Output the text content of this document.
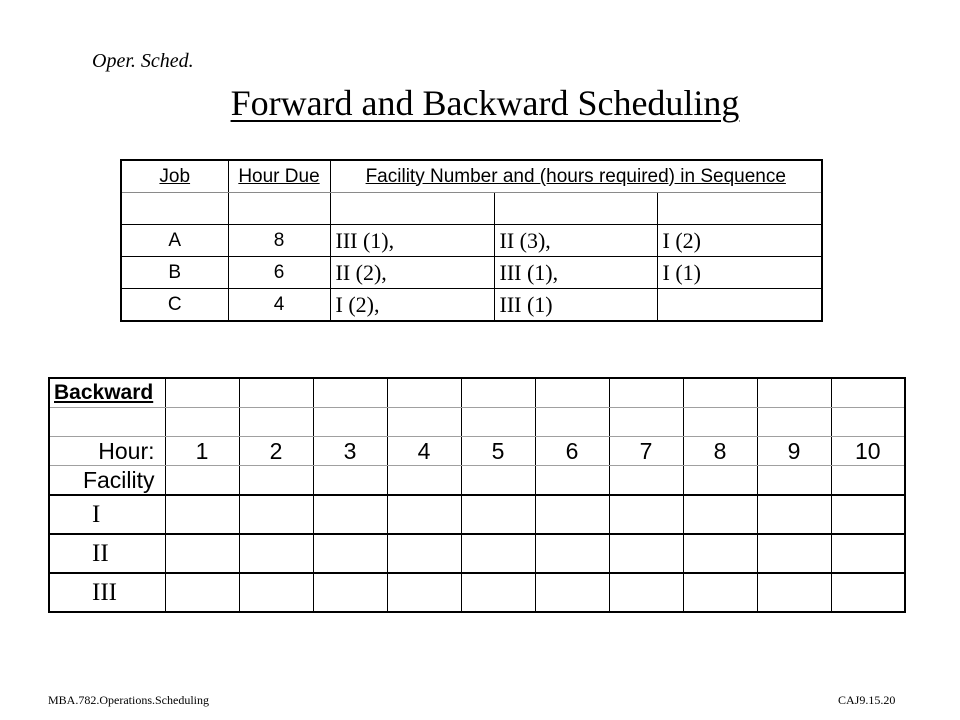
Oper. Sched.
Forward and Backward Scheduling
Job	Hour Due	Facility Number and (hours required) in Sequence		

A	8	III (1),	II (3),	I (2)
B	6	II (2),	III (1),	I (1)
C	4	I (2),	III (1)	
Backward										

Hour:	1	2	3	4	5	6	7	8	9	10
Facility										
I										
II										
III										
MBA.782.Operations.Scheduling	CAJ9.15.20
